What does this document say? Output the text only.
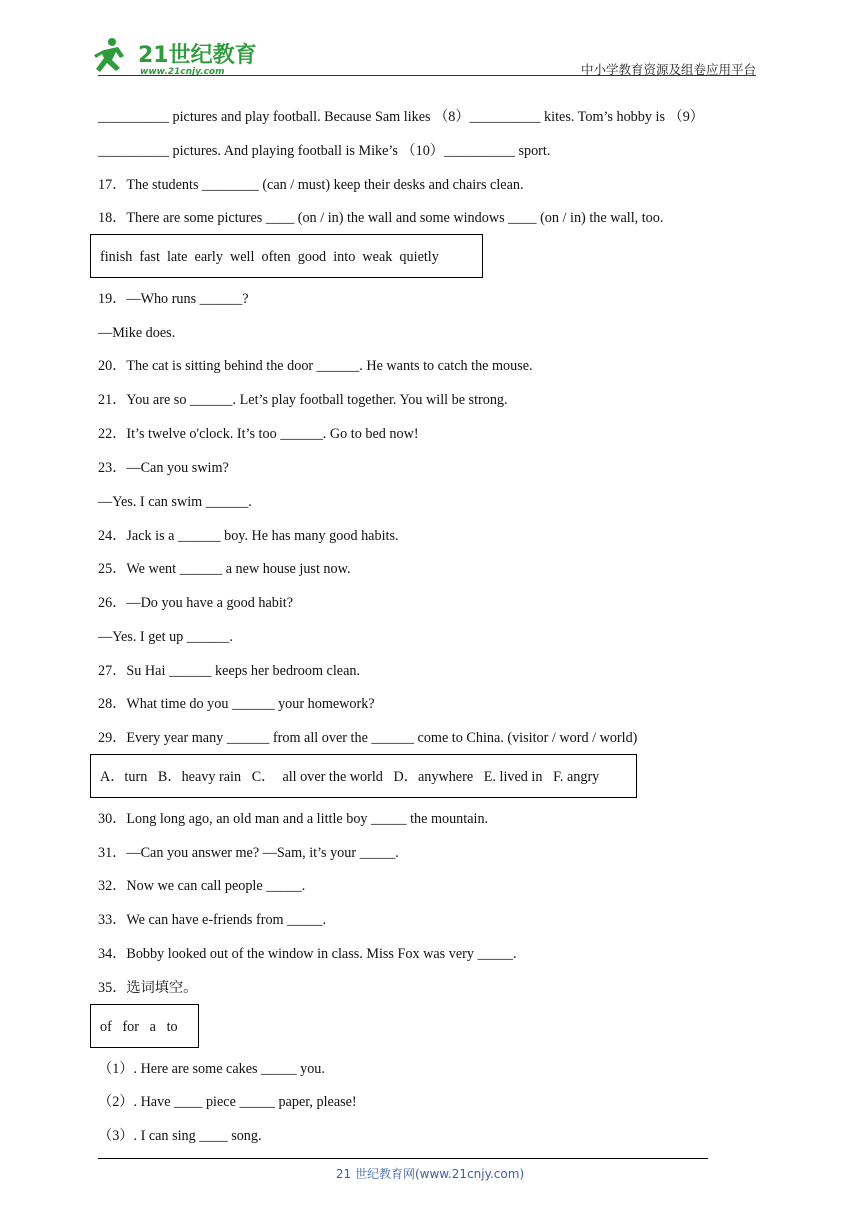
21世纪教育
www.21cnjy.com	中小学教育资源及组卷应用平台
__________ pictures and play football. Because Sam likes （8）__________ kites. Tom’s hobby is （9）
__________ pictures. And playing football is Mike’s （10）__________ sport.
17．The students ________ (can / must) keep their desks and chairs clean.
18．There are some pictures ____ (on / in) the wall and some windows ____ (on / in) the wall, too.
19．—Who runs ______?
—Mike does.
20．The cat is sitting behind the door ______. He wants to catch the mouse.
21．You are so ______. Let’s play football together. You will be strong.
22．It’s twelve o'clock. It’s too ______. Go to bed now!
23．—Can you swim?
—Yes. I can swim ______.
24．Jack is a ______ boy. He has many good habits.
25．We went ______ a new house just now.
26．—Do you have a good habit?
—Yes. I get up ______.
27．Su Hai ______ keeps her bedroom clean.
28．What time do you ______ your homework?
29．Every year many ______ from all over the ______ come to China. (visitor / word / world)
30．Long long ago, an old man and a little boy _____ the mountain.
31．—Can you answer me? —Sam, it’s your _____.
32．Now we can call people _____.
33．We can have e-friends from _____.
34．Bobby looked out of the window in class. Miss Fox was very _____.
35．选词填空。
（1）. Here are some cakes _____ you.
（2）. Have ____ piece _____ paper, please!
（3）. I can sing ____ song.
finish  fast  late  early  well  often  good  into  weak  quietly
A．turn   B．heavy rain   C．  all over the world   D．anywhere   E. lived in   F. angry
of   for   a   to
21 世纪教育网(www.21cnjy.com)
